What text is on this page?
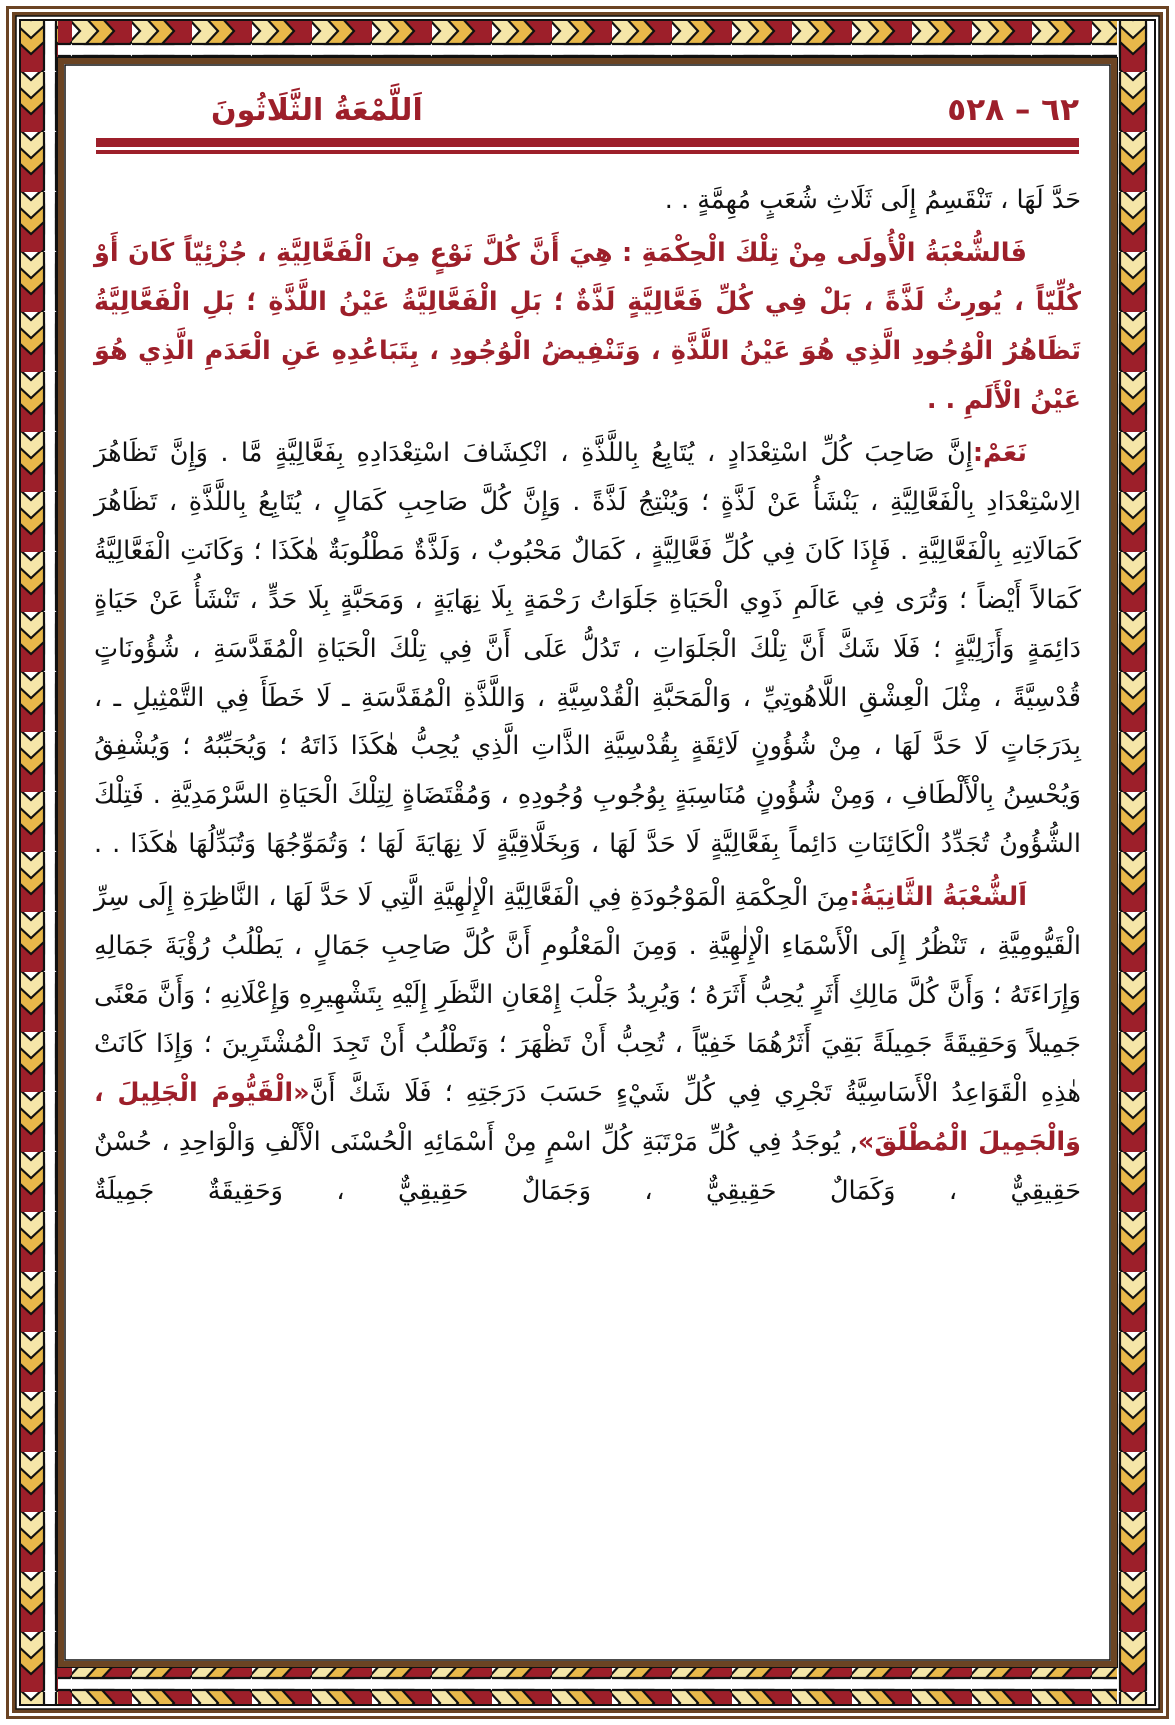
٦٢ – ٥٢٨
اَللَّمْعَةُ الثَّلَاثُونَ

حَدَّ لَهَا ، تَنْقَسِمُ إِلَى ثَلَاثِ شُعَبٍ مُهِمَّةٍ . .

فَالشُّعْبَةُ الْأُولَى مِنْ تِلْكَ الْحِكْمَةِ : هِيَ أَنَّ كُلَّ نَوْعٍ مِنَ الْفَعَّالِيَّةِ ، جُزْئِيّاً كَانَ أَوْ كُلِّيّاً ، يُورِثُ لَذَّةً ، بَلْ فِي كُلِّ فَعَّالِيَّةٍ لَذَّةٌ ؛ بَلِ الْفَعَّالِيَّةُ عَيْنُ اللَّذَّةِ ؛ بَلِ الْفَعَّالِيَّةُ تَظَاهُرُ الْوُجُودِ الَّذِي هُوَ عَيْنُ اللَّذَّةِ ، وَتَنْفِيضُ الْوُجُودِ ، بِتَبَاعُدِهِ عَنِ الْعَدَمِ الَّذِي هُوَ عَيْنُ الْأَلَمِ . .

نَعَمْ:إِنَّ صَاحِبَ كُلِّ اسْتِعْدَادٍ ، يُتَابِعُ بِاللَّذَّةِ ، انْكِشَافَ اسْتِعْدَادِهِ بِفَعَّالِيَّةٍ مَّا . وَإِنَّ تَظَاهُرَ الِاسْتِعْدَادِ بِالْفَعَّالِيَّةِ ، يَنْشَأُ عَنْ لَذَّةٍ ؛ وَيُنْتِجُ لَذَّةً . وَإِنَّ كُلَّ صَاحِبِ كَمَالٍ ، يُتَابِعُ بِاللَّذَّةِ ، تَظَاهُرَ كَمَالَاتِهِ بِالْفَعَّالِيَّةِ . فَإِذَا كَانَ فِي كُلِّ فَعَّالِيَّةٍ ، كَمَالٌ مَحْبُوبٌ ، وَلَذَّةٌ مَطْلُوبَةٌ هٰكَذَا ؛ وَكَانَتِ الْفَعَّالِيَّةُ كَمَالاً أَيْضاً ؛ وَتُرَى فِي عَالَمِ ذَوِي الْحَيَاةِ جَلَوَاتُ رَحْمَةٍ بِلَا نِهَايَةٍ ، وَمَحَبَّةٍ بِلَا حَدٍّ ، تَنْشَأُ عَنْ حَيَاةٍ دَائِمَةٍ وَأَزَلِيَّةٍ ؛ فَلَا شَكَّ أَنَّ تِلْكَ الْجَلَوَاتِ ، تَدُلُّ عَلَى أَنَّ فِي تِلْكَ الْحَيَاةِ الْمُقَدَّسَةِ ، شُؤُونَاتٍ قُدْسِيَّةً ، مِثْلَ الْعِشْقِ اللَّاهُوتِيِّ ، وَالْمَحَبَّةِ الْقُدْسِيَّةِ ، وَاللَّذَّةِ الْمُقَدَّسَةِ ـ لَا خَطَأَ فِي التَّمْثِيلِ ـ ، بِدَرَجَاتٍ لَا حَدَّ لَهَا ، مِنْ شُؤُونٍ لَائِقَةٍ بِقُدْسِيَّةِ الذَّاتِ الَّذِي يُحِبُّ هٰكَذَا ذَاتَهُ ؛ وَيُحَبِّبُهُ ؛ وَيُشْفِقُ وَيُحْسِنُ بِالْأَلْطَافِ ، وَمِنْ شُؤُونٍ مُنَاسِبَةٍ بِوُجُوبِ وُجُودِهِ ، وَمُقْتَضَاةٍ لِتِلْكَ الْحَيَاةِ السَّرْمَدِيَّةِ . فَتِلْكَ الشُّؤُونُ تُجَدِّدُ الْكَائِنَاتِ دَائِماً بِفَعَّالِيَّةٍ لَا حَدَّ لَهَا ، وَبِخَلَّاقِيَّةٍ لَا نِهَايَةَ لَهَا ؛ وَتُمَوِّجُهَا وَتُبَدِّلُهَا هٰكَذَا . .

اَلشُّعْبَةُ الثَّانِيَةُ:مِنَ الْحِكْمَةِ الْمَوْجُودَةِ فِي الْفَعَّالِيَّةِ الْإِلٰهِيَّةِ الَّتِي لَا حَدَّ لَهَا ، النَّاظِرَةِ إِلَى سِرِّ الْقَيُّومِيَّةِ ، تَنْظُرُ إِلَى الْأَسْمَاءِ الْإِلٰهِيَّةِ . وَمِنَ الْمَعْلُومِ أَنَّ كُلَّ صَاحِبِ جَمَالٍ ، يَطْلُبُ رُؤْيَةَ جَمَالِهِ وَإِرَاءَتَهُ ؛ وَأَنَّ كُلَّ مَالِكِ أَثَرٍ يُحِبُّ أَثَرَهُ ؛ وَيُرِيدُ جَلْبَ إِمْعَانِ النَّظَرِ إِلَيْهِ بِتَشْهِيرِهِ وَإِعْلَانِهِ ؛ وَأَنَّ مَعْنًى جَمِيلاً وَحَقِيقَةً جَمِيلَةً بَقِيَ أَثَرُهُمَا خَفِيّاً ، تُحِبُّ أَنْ تَظْهَرَ ؛ وَتَطْلُبُ أَنْ تَجِدَ الْمُشْتَرِينَ ؛ وَإِذَا كَانَتْ هٰذِهِ الْقَوَاعِدُ الْأَسَاسِيَّةُ تَجْرِي فِي كُلِّ شَيْءٍ حَسَبَ دَرَجَتِهِ ؛ فَلَا شَكَّ أَنَّ«الْقَيُّومَ الْجَلِيلَ ، وَالْجَمِيلَ الْمُطْلَقَ», يُوجَدُ فِي كُلِّ مَرْتَبَةِ كُلِّ اسْمٍ مِنْ أَسْمَائِهِ الْحُسْنَى الْأَلْفِ وَالْوَاحِدِ ، حُسْنٌ حَقِيقِيٌّ ، وَكَمَالٌ حَقِيقِيٌّ ، وَجَمَالٌ حَقِيقِيٌّ ، وَحَقِيقَةٌ جَمِيلَةٌ
